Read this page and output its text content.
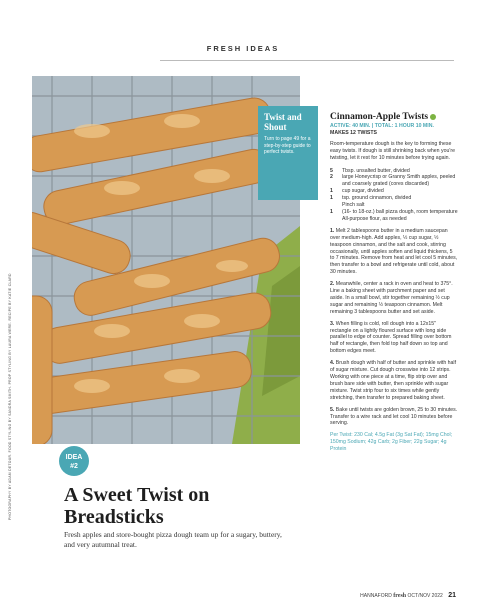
FRESH IDEAS
Twist and Shout
Turn to page 49 for a step-by-step guide to perfect twists.
PHOTOGRAPHY BY ADAM DETOUR. FOOD STYLING BY SANDRA SMITH. PROP STYLING BY LAURA WERE. RECIPE BY KATIE CLARD	IDEA
#2
A Sweet Twist on Breadsticks
Fresh apples and store-bought pizza dough team up for a sugary, buttery, and very autumnal treat.
Cinnamon-Apple Twists
ACTIVE: 40 MIN. | TOTAL: 1 HOUR 10 MIN.
MAKES 12 TWISTS
Room-temperature dough is the key to forming these easy twists. If dough is still shrinking back when you're twisting, let it rest for 10 minutes before trying again.
5	Tbsp. unsalted butter, divided
2	large Honeycrisp or Granny Smith apples, peeled and coarsely grated (cores discarded)
1	cup sugar, divided
1	tsp. ground cinnamon, divided
Pinch salt
1	(16- to 18-oz.) ball pizza dough, room temperature
All-purpose flour, as needed
1. Melt 2 tablespoons butter in a medium saucepan over medium-high. Add apples, ½ cup sugar, ½ teaspoon cinnamon, and the salt and cook, stirring occasionally, until apples soften and liquid thickens, 5 to 7 minutes. Remove from heat and let cool 5 minutes, then transfer to a bowl and refrigerate until cold, about 30 minutes.
2. Meanwhile, center a rack in oven and heat to 375°. Line a baking sheet with parchment paper and set aside. In a small bowl, stir together remaining ½ cup sugar and remaining ½ teaspoon cinnamon. Melt remaining 3 tablespoons butter and set aside.
3. When filling is cold, roll dough into a 12x15" rectangle on a lightly floured surface with long side parallel to edge of counter. Spread filling over bottom half of rectangle, then fold top half down so top and bottom edges meet.
4. Brush dough with half of butter and sprinkle with half of sugar mixture. Cut dough crosswise into 12 strips. Working with one piece at a time, flip strip over and brush bare side with butter, then sprinkle with sugar mixture. Twist strip four to six times while gently stretching, then transfer to prepared baking sheet.
5. Bake until twists are golden brown, 25 to 30 minutes. Transfer to a wire rack and let cool 10 minutes before serving.
Per Twist: 230 Cal; 4.5g Fat (3g Sat Fat); 15mg Chol; 150mg Sodium; 42g Carb; 2g Fiber; 22g Sugar; 4g Protein
HANNAFORD fresh OCT/NOV 2022 21
